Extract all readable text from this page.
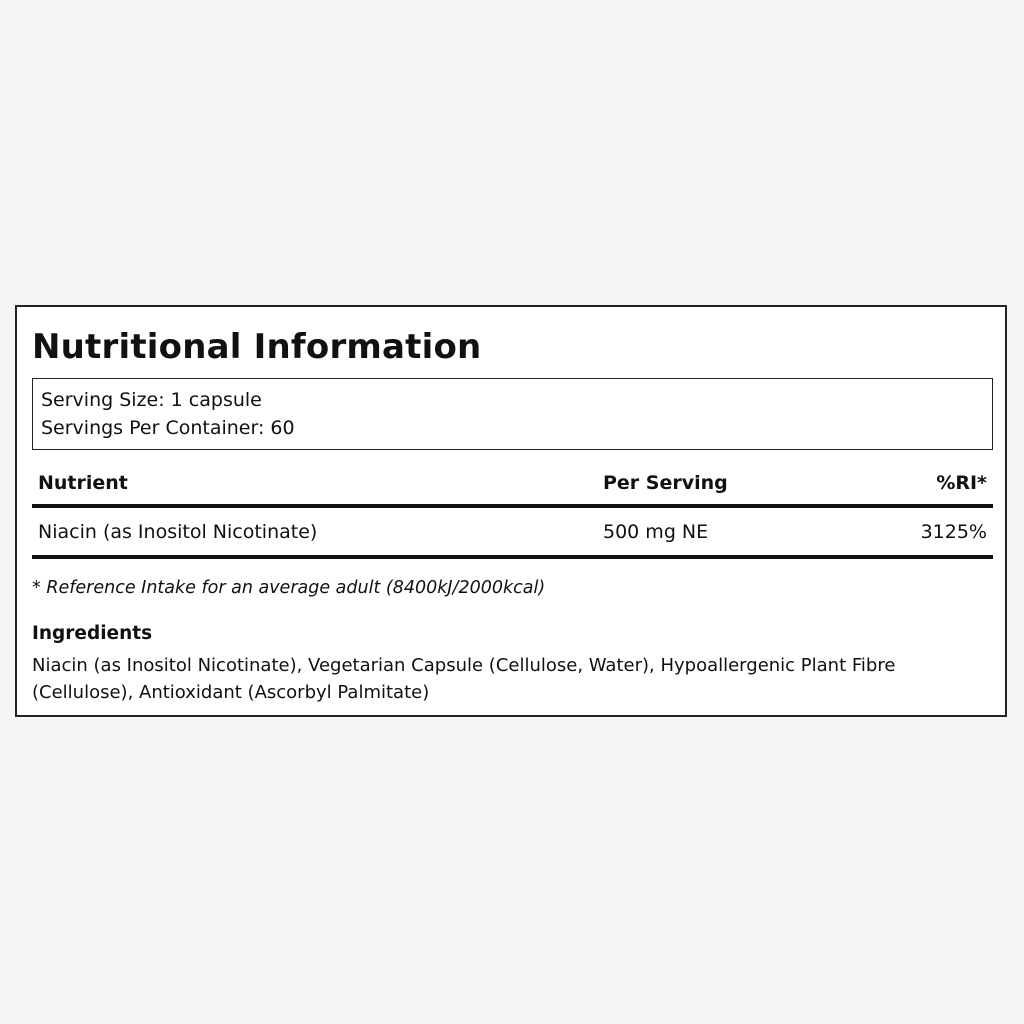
Nutritional Information
Serving Size: 1 capsule
Servings Per Container: 60
Nutrient	Per Serving	%RI*
Niacin (as Inositol Nicotinate)	500 mg NE	3125%
* Reference Intake for an average adult (8400kJ/2000kcal)
Ingredients

Niacin (as Inositol Nicotinate), Vegetarian Capsule (Cellulose, Water), Hypoallergenic Plant Fibre (Cellulose), Antioxidant (Ascorbyl Palmitate)
